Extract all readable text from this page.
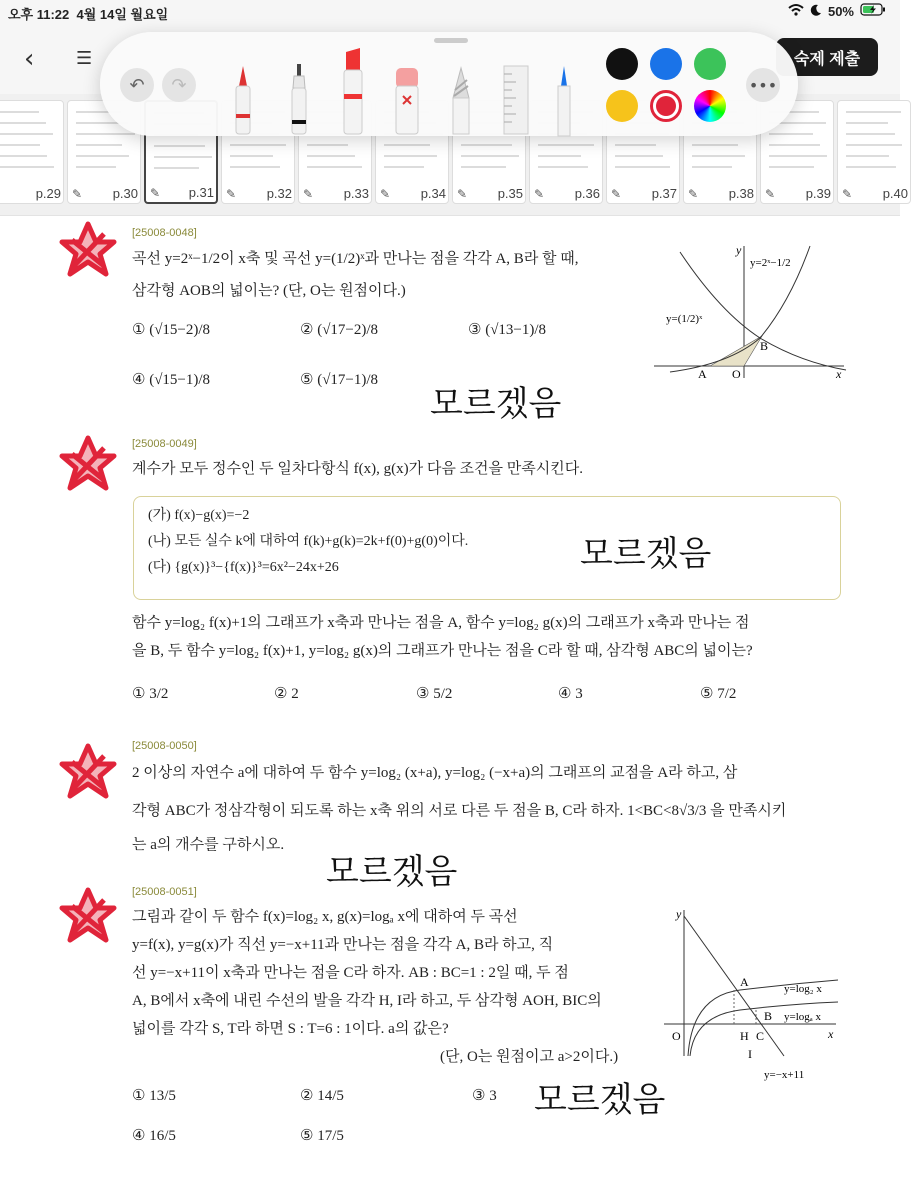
오후 11:22 4월 14일 월요일	50%
‹ ☰	숙제 제출
p.29 ✎ p.30 ✎ p.31 ✎ p.32 ✎ p.33 ✎ p.34 ✎ p.35 ✎ p.36 ✎ p.37 ✎ p.38 ✎ p.39 ✎ p.40
↶	↷	•••
[25008-0048]
곡선 y=2ˣ−1/2이 x축 및 곡선 y=(1/2)ˣ과 만나는 점을 각각 A, B라 할 때,
삼각형 AOB의 넓이는? (단, O는 원점이다.)
① (√15−2)/8	② (√17−2)/8	③ (√13−1)/8
④ (√15−1)/8	⑤ (√17−1)/8
모르겠음
y=2ˣ−1/2
y=(1/2)ˣ
A O
B
x
y
[25008-0049]
계수가 모두 정수인 두 일차다항식 f(x), g(x)가 다음 조건을 만족시킨다.
(가) f(x)−g(x)=−2
(나) 모든 실수 k에 대하여 f(k)+g(k)=2k+f(0)+g(0)이다.
(다) {g(x)}³−{f(x)}³=6x²−24x+26	모르겠음
함수 y=log₂ f(x)+1의 그래프가 x축과 만나는 점을 A, 함수 y=log₂ g(x)의 그래프가 x축과 만나는 점
을 B, 두 함수 y=log₂ f(x)+1, y=log₂ g(x)의 그래프가 만나는 점을 C라 할 때, 삼각형 ABC의 넓이는?
① 3/2	② 2	③ 5/2	④ 3	⑤ 7/2
[25008-0050]
2 이상의 자연수 a에 대하여 두 함수 y=log₂ (x+a), y=log₂ (−x+a)의 그래프의 교점을 A라 하고, 삼
각형 ABC가 정삼각형이 되도록 하는 x축 위의 서로 다른 두 점을 B, C라 하자. 1<BC<8√3/3 을 만족시키
는 a의 개수를 구하시오.
모르겠음
[25008-0051]
그림과 같이 두 함수 f(x)=log₂ x, g(x)=logₐ x에 대하여 두 곡선
y=f(x), y=g(x)가 직선 y=−x+11과 만나는 점을 각각 A, B라 하고, 직
선 y=−x+11이 x축과 만나는 점을 C라 하자. AB : BC=1 : 2일 때, 두 점
A, B에서 x축에 내린 수선의 발을 각각 H, I라 하고, 두 삼각형 AOH, BIC의
넓이를 각각 S, T라 하면 S : T=6 : 1이다. a의 값은?
(단, O는 원점이고 a>2이다.)
① 13/5	② 14/5	③ 3
④ 16/5	⑤ 17/5
모르겠음
y=log₂ x
y=logₐ x
y=−x+11
A
B
C
H
I
O	x
y
